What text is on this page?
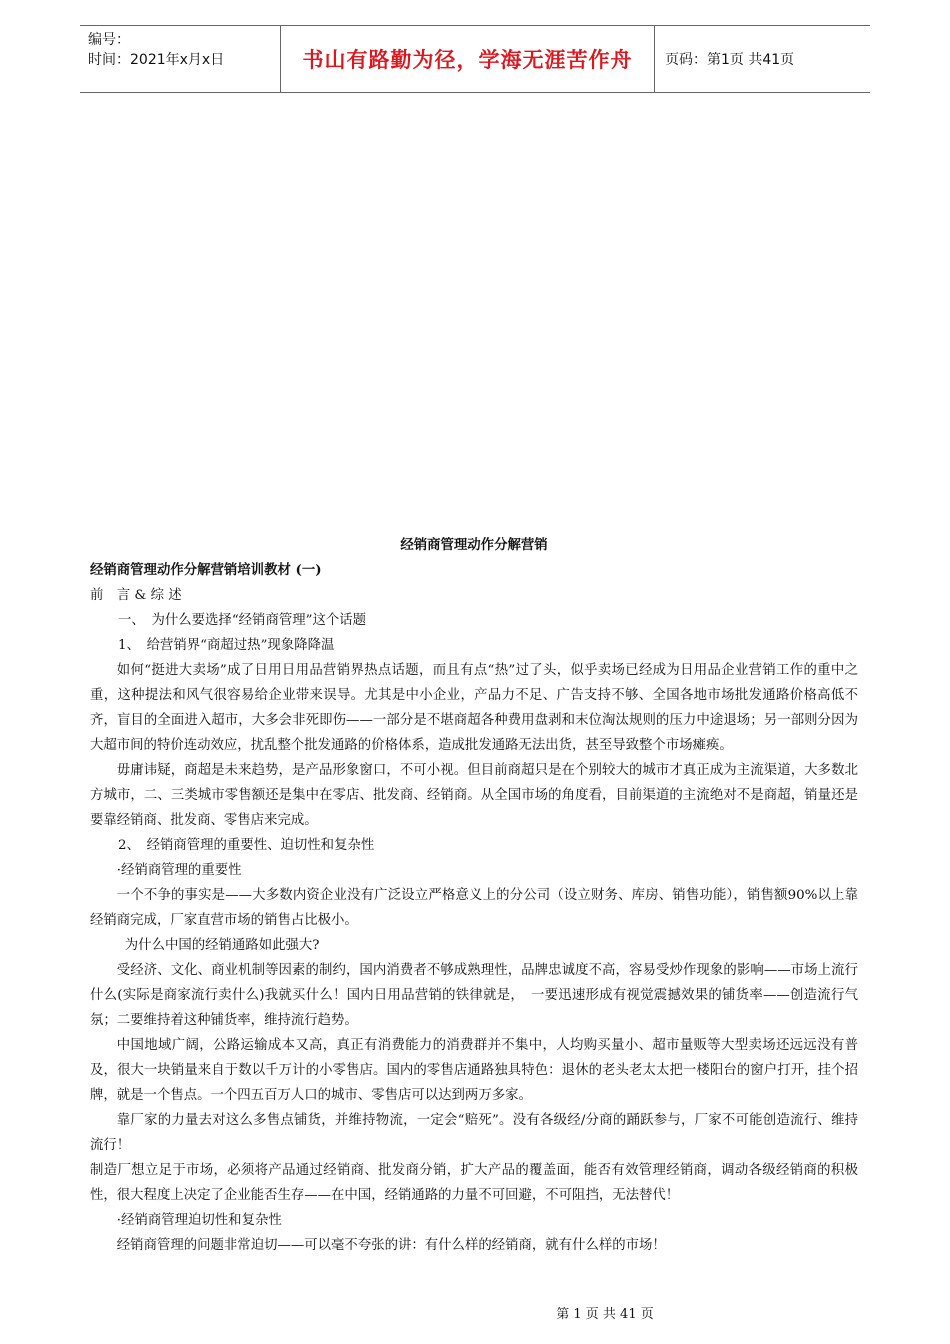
编号：
时间：2021年x月x日	书山有路勤为径，学海无涯苦作舟 页码：第1页 共41页
经销商管理动作分解营销
经销商管理动作分解营销培训教材 (一)

前　言 & 综 述

一、　为什么要选择“经销商管理”这个话题

1、　给营销界“商超过热”现象降降温

如何“挺进大卖场”成了日用日用品营销界热点话题，而且有点“热”过了头，似乎卖场已经成为日用品企业营销工作的重中之重，这种提法和风气很容易给企业带来误导。尤其是中小企业，产品力不足、广告支持不够、全国各地市场批发通路价格高低不齐，盲目的全面进入超市，大多会非死即伤——一部分是不堪商超各种费用盘剥和末位淘汰规则的压力中途退场；另一部则分因为大超市间的特价连动效应，扰乱整个批发通路的价格体系，造成批发通路无法出货，甚至导致整个市场瘫痪。

毋庸讳疑，商超是未来趋势，是产品形象窗口，不可小视。但目前商超只是在个别较大的城市才真正成为主流渠道，大多数北方城市，二、三类城市零售额还是集中在零店、批发商、经销商。从全国市场的角度看，目前渠道的主流绝对不是商超，销量还是要靠经销商、批发商、零售店来完成。

2、　经销商管理的重要性、迫切性和复杂性

·经销商管理的重要性

一个不争的事实是——大多数内资企业没有广泛设立严格意义上的分公司（设立财务、库房、销售功能），销售额90%以上靠经销商完成，厂家直营市场的销售占比极小。

为什么中国的经销通路如此强大?

受经济、文化、商业机制等因素的制约，国内消费者不够成熟理性，品牌忠诚度不高，容易受炒作现象的影响——市场上流行什么(实际是商家流行卖什么)我就买什么！国内日用品营销的铁律就是，　一要迅速形成有视觉震撼效果的铺货率——创造流行气氛；二要维持着这种铺货率，维持流行趋势。

中国地域广阔，公路运输成本又高，真正有消费能力的消费群并不集中，人均购买量小、超市量贩等大型卖场还远远没有普及，很大一块销量来自于数以千万计的小零售店。国内的零售店通路独具特色：退休的老头老太太把一楼阳台的窗户打开，挂个招牌，就是一个售点。一个四五百万人口的城市、零售店可以达到两万多家。

靠厂家的力量去对这么多售点铺货，并维持物流，一定会“赔死”。没有各级经/分商的踊跃参与，厂家不可能创造流行、维持流行！

制造厂想立足于市场，必须将产品通过经销商、批发商分销，扩大产品的覆盖面，能否有效管理经销商，调动各级经销商的积极性，很大程度上决定了企业能否生存——在中国，经销通路的力量不可回避，不可阻挡，无法替代！

·经销商管理迫切性和复杂性

经销商管理的问题非常迫切——可以毫不夸张的讲：有什么样的经销商，就有什么样的市场！

第 1 页 共 41 页
